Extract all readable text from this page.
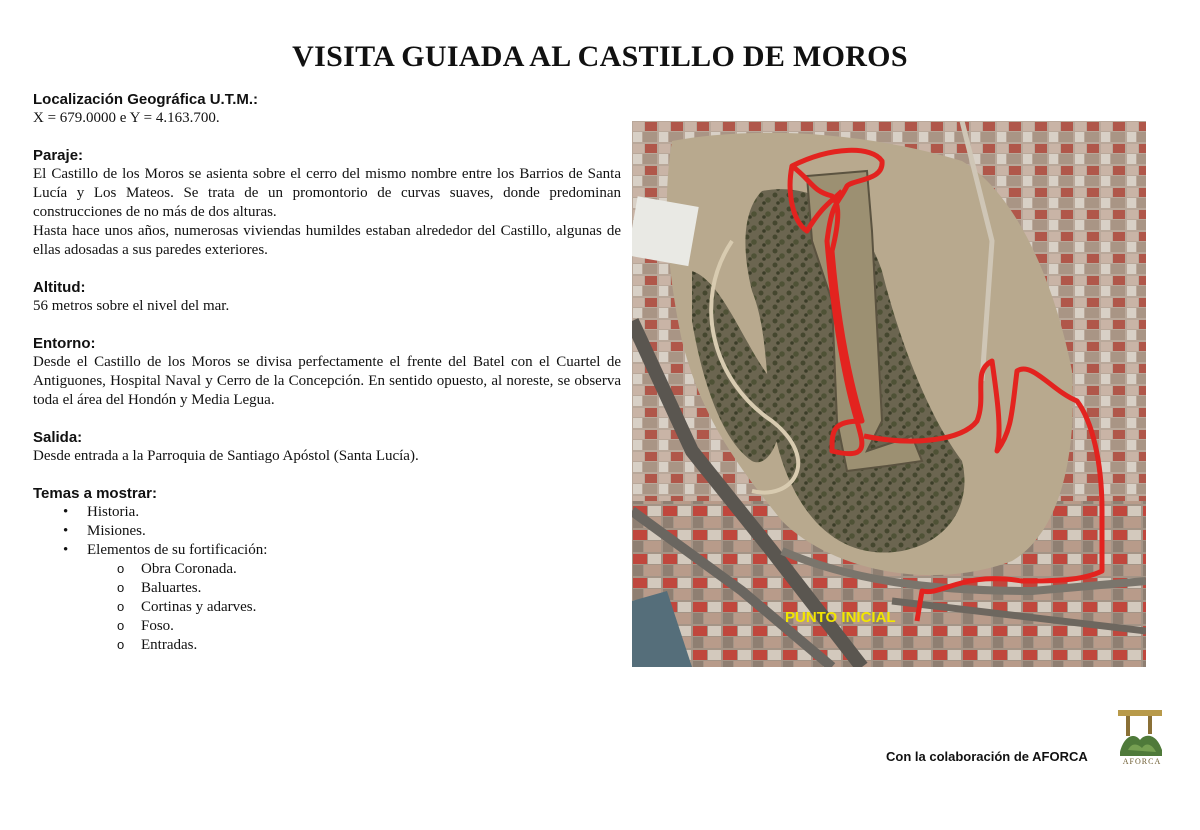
VISITA GUIADA AL CASTILLO DE MOROS

Localización Geográfica U.T.M.:

X = 679.0000 e Y = 4.163.700.

Paraje:

El Castillo de los Moros se asienta sobre el cerro del mismo nombre entre los Barrios de Santa Lucía y Los Mateos. Se trata de un promontorio de curvas suaves, donde predominan construcciones de no más de dos alturas.

Hasta hace unos años, numerosas viviendas humildes estaban alrededor del Castillo, algunas de ellas adosadas a sus paredes exteriores.

Altitud:

56 metros sobre el nivel del mar.

Entorno:

Desde el Castillo de los Moros se divisa perfectamente el frente del Batel con el Cuartel de Antiguones, Hospital Naval y Cerro de la Concepción. En sentido opuesto, al noreste, se observa toda el área del Hondón y Media Legua.

Salida:

Desde entrada a la Parroquia de Santiago Apóstol (Santa Lucía).

Temas a mostrar:

• Historia.
• Misiones.
• Elementos de su fortificación:
o Obra Coronada.
o Baluartes.
o Cortinas y adarves.
o Foso.
o Entradas.
PUNTO INICIAL
Con la colaboración de AFORCA	AFORCA
